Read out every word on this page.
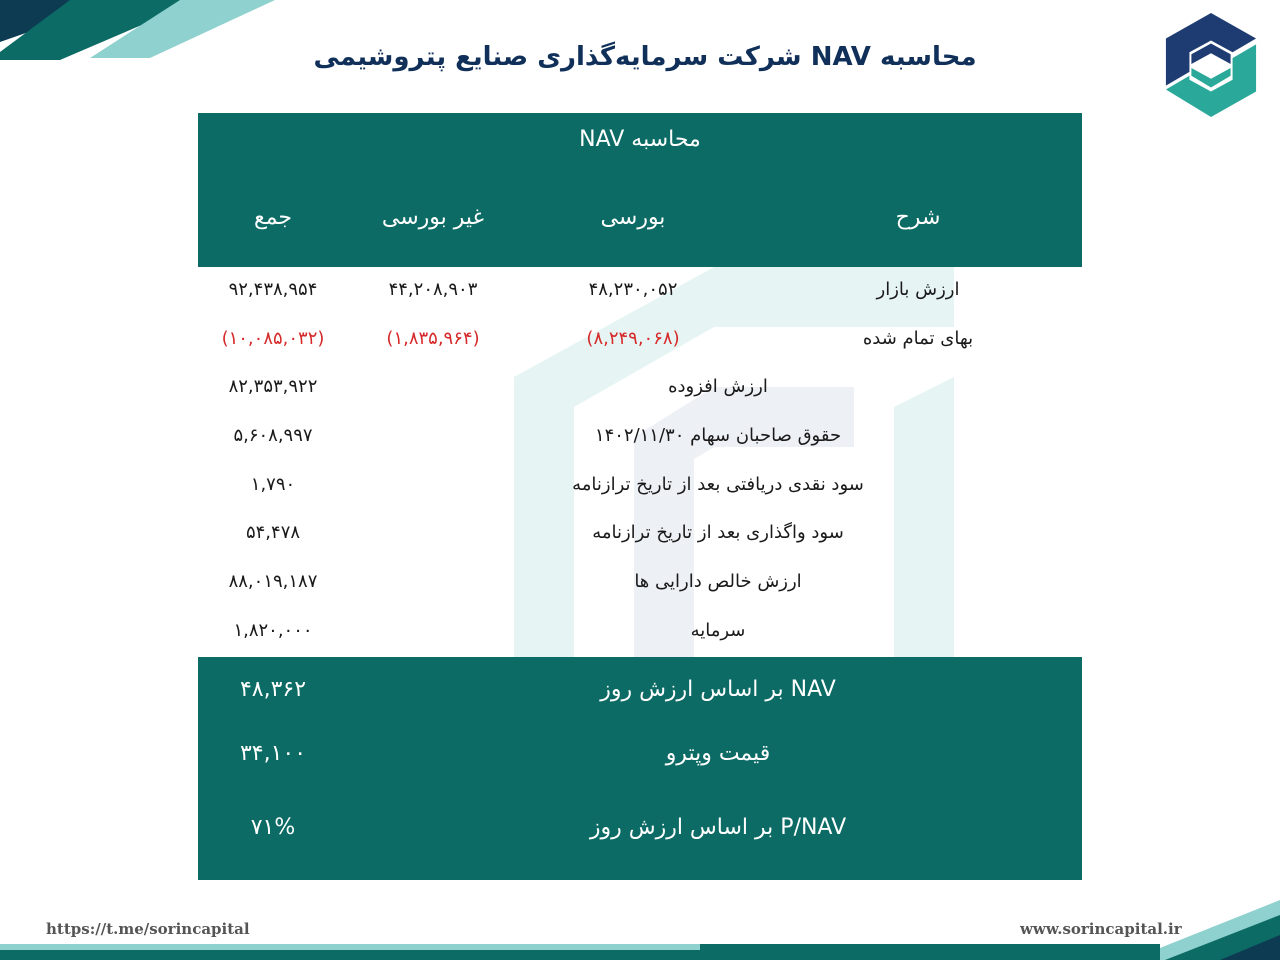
محاسبه NAV شرکت سرمایه‌گذاری صنایع پتروشیمی
محاسبه NAV
شرح
بورسی
غیر بورسی
جمع
ارزش بازار
۴۸,۲۳۰,۰۵۲
۴۴,۲۰۸,۹۰۳
۹۲,۴۳۸,۹۵۴
بهای تمام شده
(۸,۲۴۹,۰۶۸)
(۱,۸۳۵,۹۶۴)
(۱۰,۰۸۵,۰۳۲)
ارزش افزوده
۸۲,۳۵۳,۹۲۲
حقوق صاحبان سهام ۱۴۰۲/۱۱/۳۰
۵,۶۰۸,۹۹۷
سود نقدی دریافتی بعد از تاریخ ترازنامه
۱,۷۹۰
سود واگذاری بعد از تاریخ ترازنامه
۵۴,۴۷۸
ارزش خالص دارایی ها
۸۸,۰۱۹,۱۸۷
سرمایه
۱,۸۲۰,۰۰۰
NAV بر اساس ارزش روز
۴۸,۳۶۲
قیمت وپترو
۳۴,۱۰۰
P/NAV بر اساس ارزش روز
۷۱%
https://t.me/sorincapital	www.sorincapital.ir
